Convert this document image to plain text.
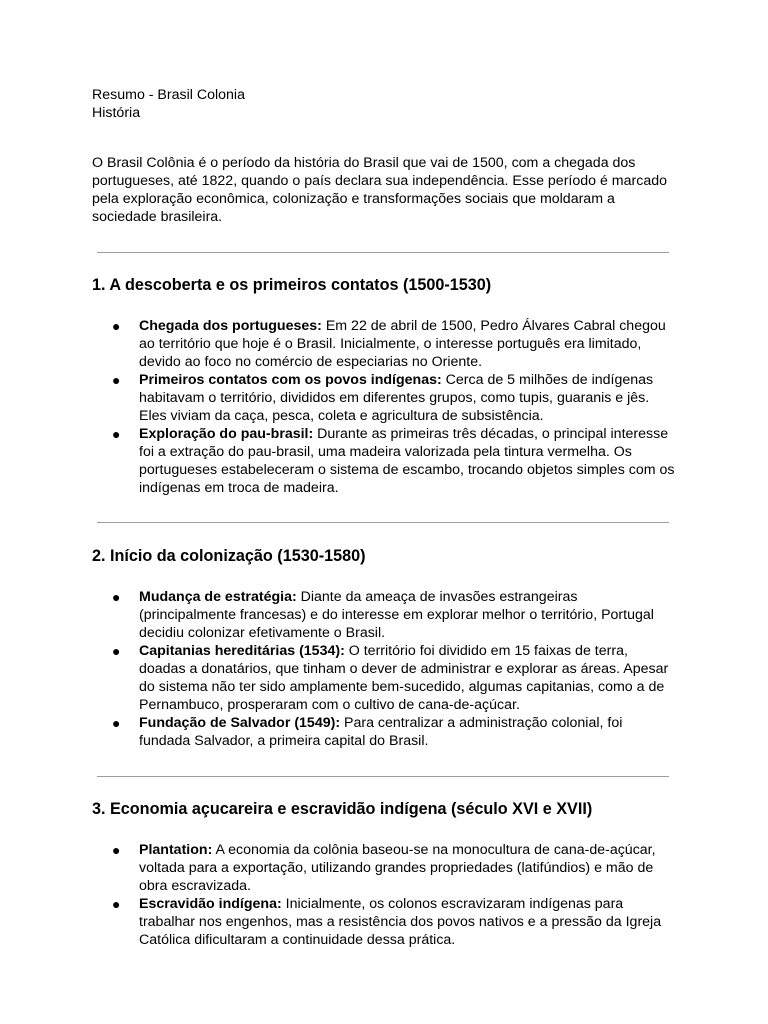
Resumo - Brasil Colonia

História

O Brasil Colônia é o período da história do Brasil que vai de 1500, com a chegada dos portugueses, até 1822, quando o país declara sua independência. Esse período é marcado pela exploração econômica, colonização e transformações sociais que moldaram a sociedade brasileira.

1. A descoberta e os primeiros contatos (1500-1530)
● Chegada dos portugueses: Em 22 de abril de 1500, Pedro Álvares Cabral chegou ao território que hoje é o Brasil. Inicialmente, o interesse português era limitado, devido ao foco no comércio de especiarias no Oriente.
● Primeiros contatos com os povos indígenas: Cerca de 5 milhões de indígenas habitavam o território, divididos em diferentes grupos, como tupis, guaranis e jês. Eles viviam da caça, pesca, coleta e agricultura de subsistência.
● Exploração do pau-brasil: Durante as primeiras três décadas, o principal interesse foi a extração do pau-brasil, uma madeira valorizada pela tintura vermelha. Os portugueses estabeleceram o sistema de escambo, trocando objetos simples com os indígenas em troca de madeira.
2. Início da colonização (1530-1580)
● Mudança de estratégia: Diante da ameaça de invasões estrangeiras (principalmente francesas) e do interesse em explorar melhor o território, Portugal decidiu colonizar efetivamente o Brasil.
● Capitanias hereditárias (1534): O território foi dividido em 15 faixas de terra, doadas a donatários, que tinham o dever de administrar e explorar as áreas. Apesar do sistema não ter sido amplamente bem-sucedido, algumas capitanias, como a de Pernambuco, prosperaram com o cultivo de cana-de-açúcar.
● Fundação de Salvador (1549): Para centralizar a administração colonial, foi fundada Salvador, a primeira capital do Brasil.
3. Economia açucareira e escravidão indígena (século XVI e XVII)
● Plantation: A economia da colônia baseou-se na monocultura de cana-de-açúcar, voltada para a exportação, utilizando grandes propriedades (latifúndios) e mão de obra escravizada.
● Escravidão indígena: Inicialmente, os colonos escravizaram indígenas para trabalhar nos engenhos, mas a resistência dos povos nativos e a pressão da Igreja Católica dificultaram a continuidade dessa prática.
